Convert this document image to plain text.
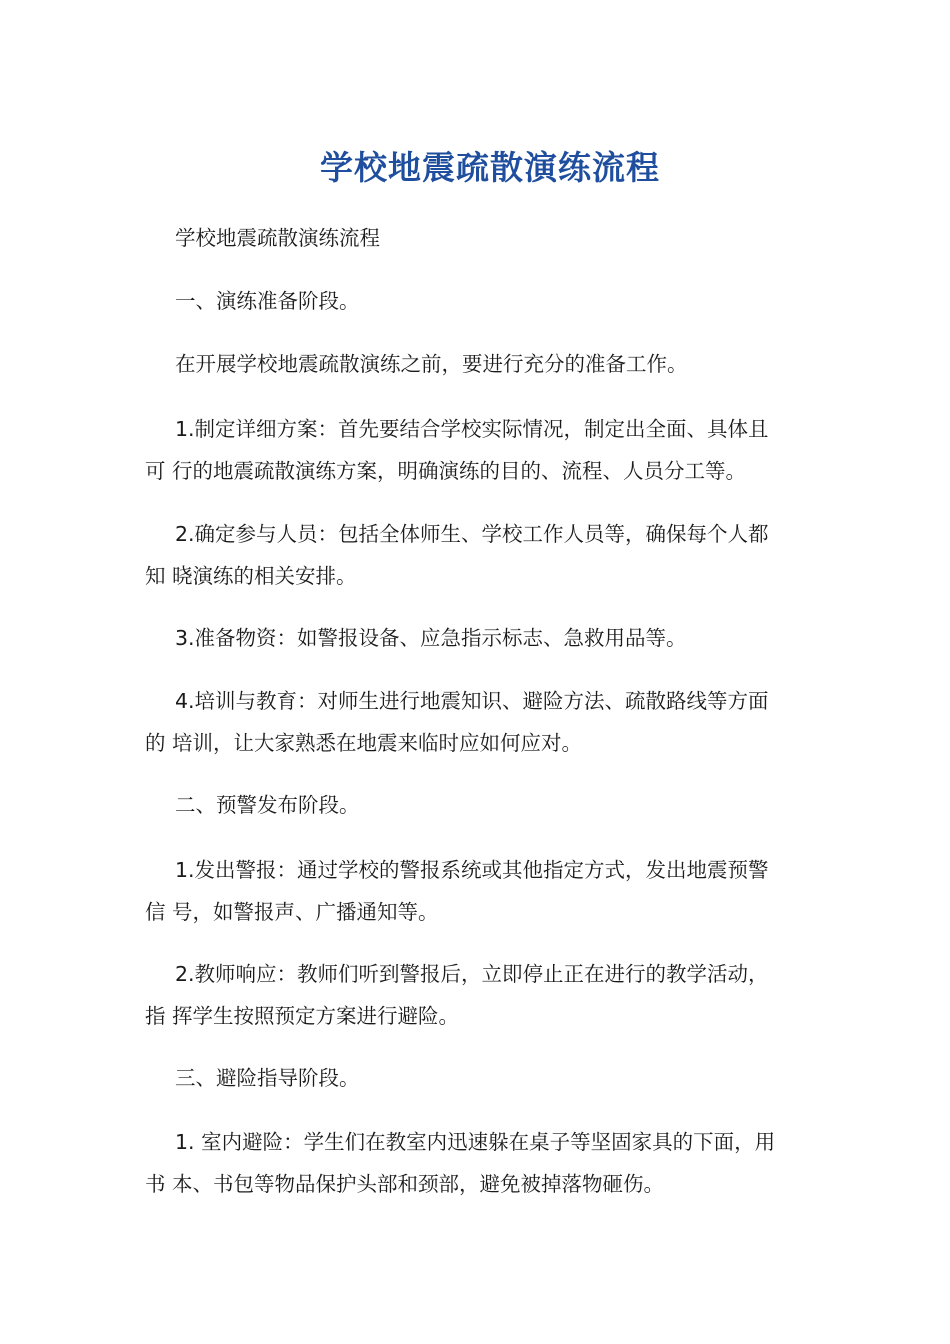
学校地震疏散演练流程
学校地震疏散演练流程
一、演练准备阶段。
在开展学校地震疏散演练之前，要进行充分的准备工作。
1.制定详细方案：首先要结合学校实际情况，制定出全面、具体且
可 行的地震疏散演练方案，明确演练的目的、流程、人员分工等。
2.确定参与人员：包括全体师生、学校工作人员等，确保每个人都
知 晓演练的相关安排。
3.准备物资：如警报设备、应急指示标志、急救用品等。
4.培训与教育：对师生进行地震知识、避险方法、疏散路线等方面
的 培训，让大家熟悉在地震来临时应如何应对。
二、预警发布阶段。
1.发出警报：通过学校的警报系统或其他指定方式，发出地震预警
信 号，如警报声、广播通知等。
2.教师响应：教师们听到警报后，立即停止正在进行的教学活动，
指 挥学生按照预定方案进行避险。
三、避险指导阶段。
1. 室内避险：学生们在教室内迅速躲在桌子等坚固家具的下面，用
书 本、书包等物品保护头部和颈部，避免被掉落物砸伤。
